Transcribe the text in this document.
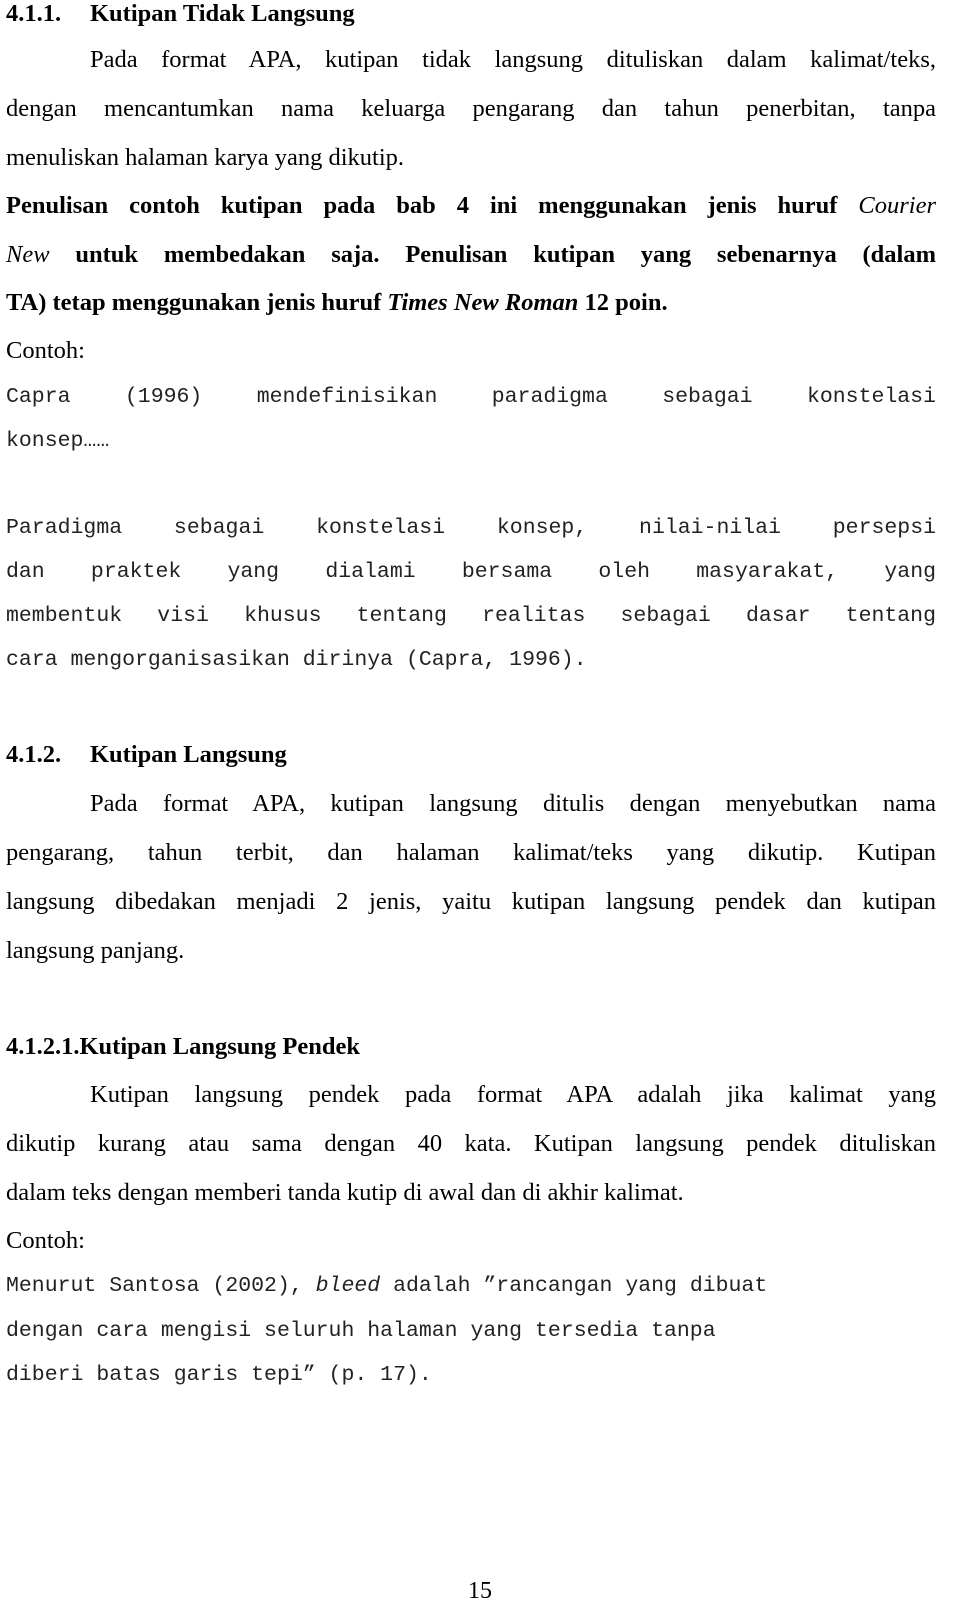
4.1.1. Kutipan Tidak Langsung
Pada format APA, kutipan tidak langsung dituliskan dalam kalimat/teks,
dengan mencantumkan nama keluarga pengarang dan tahun penerbitan, tanpa
menuliskan halaman karya yang dikutip.
Penulisan contoh kutipan pada bab 4 ini menggunakan jenis huruf Courier
New untuk membedakan saja. Penulisan kutipan yang sebenarnya (dalam
TA) tetap menggunakan jenis huruf Times New Roman 12 poin.
Contoh:
Capra (1996) mendefinisikan paradigma sebagai konstelasi
konsep……
Paradigma sebagai konstelasi konsep, nilai-nilai persepsi
dan praktek yang dialami bersama oleh masyarakat, yang
membentuk visi khusus tentang realitas sebagai dasar tentang
cara mengorganisasikan dirinya (Capra, 1996).
4.1.2. Kutipan Langsung
Pada format APA, kutipan langsung ditulis dengan menyebutkan nama
pengarang, tahun terbit, dan halaman kalimat/teks yang dikutip. Kutipan
langsung dibedakan menjadi 2 jenis, yaitu kutipan langsung pendek dan kutipan
langsung panjang.
4.1.2.1.Kutipan Langsung Pendek
Kutipan langsung pendek pada format APA adalah jika kalimat yang
dikutip kurang atau sama dengan 40 kata. Kutipan langsung pendek dituliskan
dalam teks dengan memberi tanda kutip di awal dan di akhir kalimat.
Contoh:
Menurut Santosa (2002), bleed adalah ”rancangan yang dibuat
dengan cara mengisi seluruh halaman yang tersedia tanpa
diberi batas garis tepi” (p. 17).
15
